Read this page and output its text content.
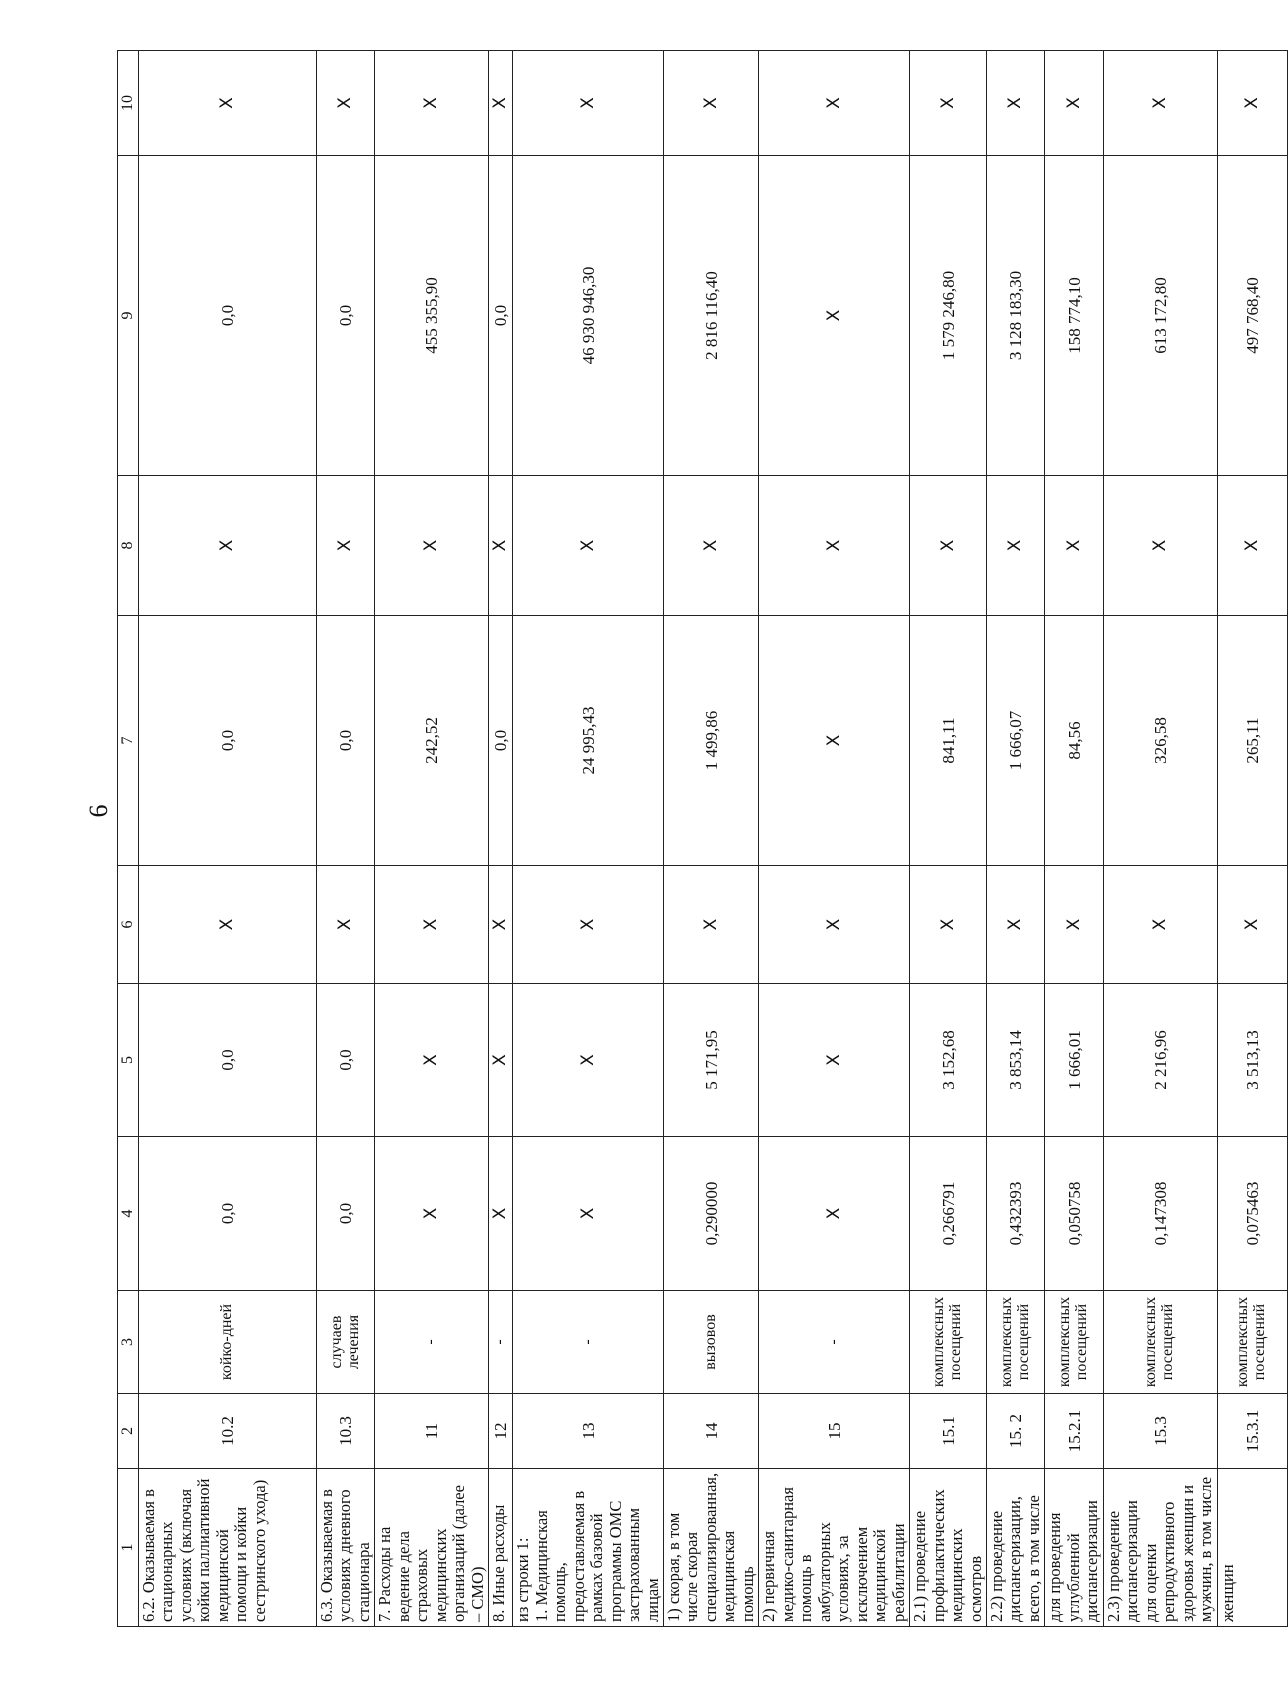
6
1	2	3	4	5	6	7	8	9	10
6.2. Оказываемая в стационарных условиях (включая койки паллиативной медицинской помощи и койки сестринского ухода)	10.2	койко-дней	0,0	0,0	X	0,0	X	0,0	X
6.3. Оказываемая в условиях дневного стационара	10.3	случаев лечения	0,0	0,0	X	0,0	X	0,0	X
7. Расходы на ведение дела страховых медицинских организаций (далее – СМО)	11	-	X	X	X	242,52	X	455 355,90	X
8. Иные расходы	12	-	X	X	X	0,0	X	0,0	X
из строки 1:
1. Медицинская помощь, предоставляемая в рамках базовой программы ОМС застрахованным лицам	13	-	X	X	X	24 995,43	X	46 930 946,30	X
1) скорая, в том числе скорая специализированная, медицинская помощь	14	вызовов	0,290000	5 171,95	X	1 499,86	X	2 816 116,40	X
2) первичная медико-санитарная помощь в амбулаторных условиях, за исключением медицинской реабилитации	15	-	X	X	X	X	X	X	X
2.1) проведение профилактических медицинских осмотров	15.1	комплексных посещений	0,266791	3 152,68	X	841,11	X	1 579 246,80	X
2.2) проведение диспансеризации, всего, в том числе	15. 2	комплексных посещений	0,432393	3 853,14	X	1 666,07	X	3 128 183,30	X
для проведения углубленной диспансеризации	15.2.1	комплексных посещений	0,050758	1 666,01	X	84,56	X	158 774,10	X
2.3) проведение диспансеризации для оценки репродуктивного здоровья женщин и мужчин, в том числе	15.3	комплексных посещений	0,147308	2 216,96	X	326,58	X	613 172,80	X
женщин	15.3.1	комплексных посещений	0,075463	3 513,13	X	265,11	X	497 768,40	X
